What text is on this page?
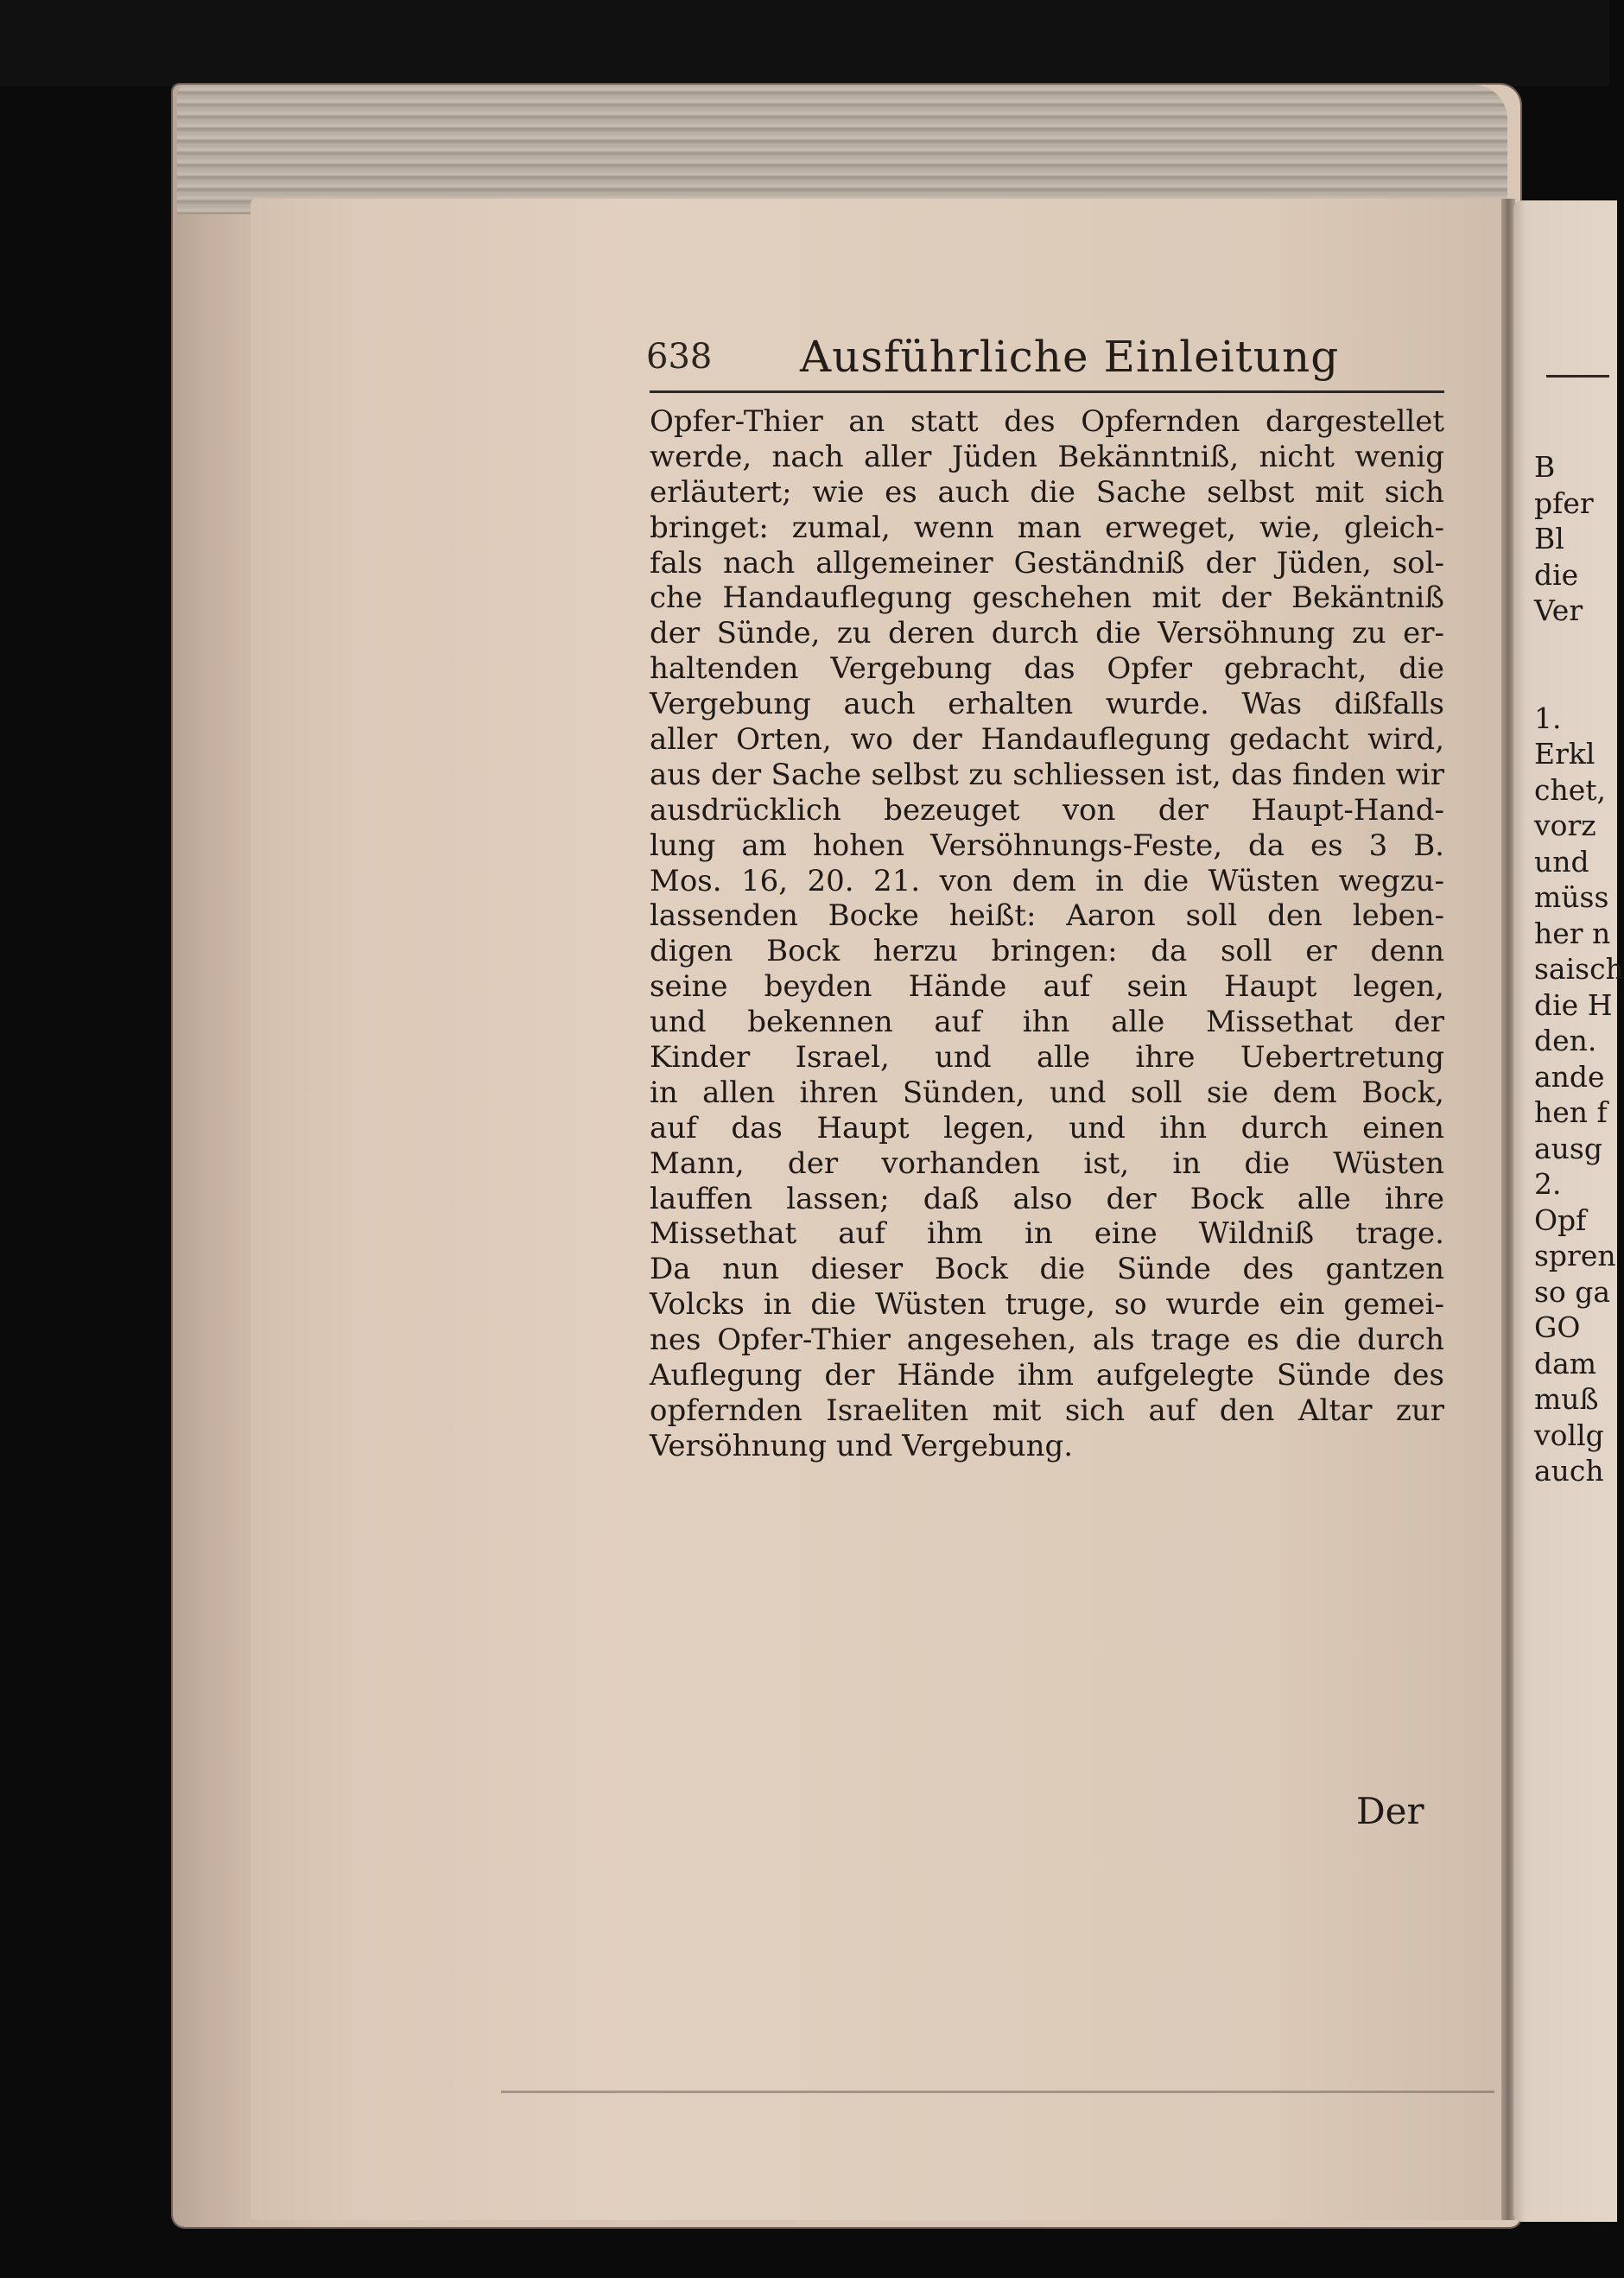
638 Ausführliche Einleitung
Opfer-Thier an statt des Opfernden dargestellet
werde, nach aller Jüden Bekänntniß, nicht wenig
erläutert; wie es auch die Sache selbst mit sich
bringet: zumal, wenn man erweget, wie, gleich-
fals nach allgemeiner Geständniß der Jüden, sol-
che Handauflegung geschehen mit der Bekäntniß
der Sünde, zu deren durch die Versöhnung zu er-
haltenden Vergebung das Opfer gebracht, die
Vergebung auch erhalten wurde. Was dißfalls
aller Orten, wo der Handauflegung gedacht wird,
aus der Sache selbst zu schliessen ist, das finden wir
ausdrücklich bezeuget von der Haupt-Hand-
lung am hohen Versöhnungs-Feste, da es 3 B.
Mos. 16, 20. 21. von dem in die Wüsten wegzu-
lassenden Bocke heißt: Aaron soll den leben-
digen Bock herzu bringen: da soll er denn
seine beyden Hände auf sein Haupt legen,
und bekennen auf ihn alle Missethat der
Kinder Israel, und alle ihre Uebertretung
in allen ihren Sünden, und soll sie dem Bock,
auf das Haupt legen, und ihn durch einen
Mann, der vorhanden ist, in die Wüsten
lauffen lassen; daß also der Bock alle ihre
Missethat auf ihm in eine Wildniß trage.
Da nun dieser Bock die Sünde des gantzen
Volcks in die Wüsten truge, so wurde ein gemei-
nes Opfer-Thier angesehen, als trage es die durch
Auflegung der Hände ihm aufgelegte Sünde des
opfernden Israeliten mit sich auf den Altar zur
Versöhnung und Vergebung.
Der
B
pfer
Bl
die
Ver
1.
Erkl
chet,
vorz
und
müss
her n
saisch
die H
den.
ande
hen f
ausg
2.
Opf
spren
so ga
GO
dam
muß
vollg
auch
